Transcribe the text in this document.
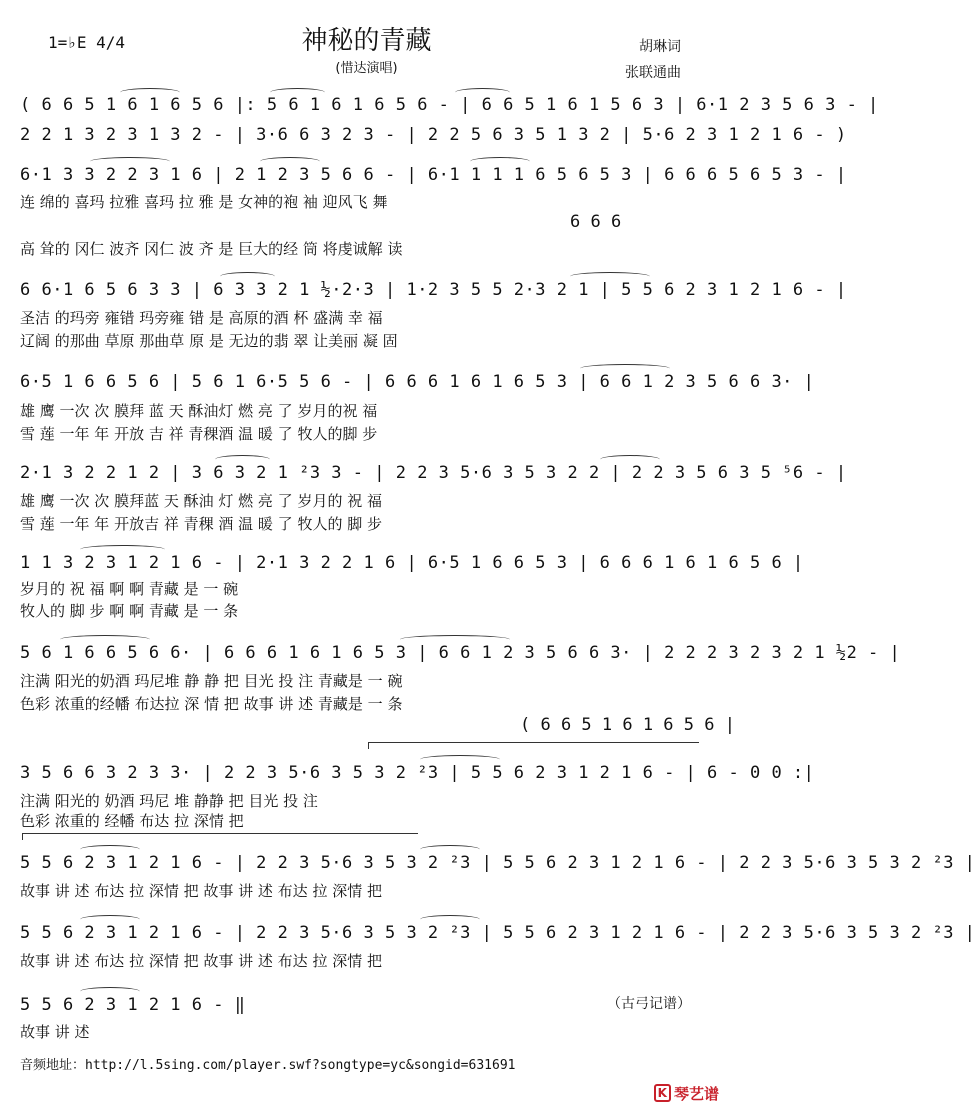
1=♭E 4/4	神秘的青藏
(惜达演唱)
胡琳词
张联通曲
( 6 6 5 1 6 1 6 5 6 |: 5 6 1 6 1 6 5 6 - | 6 6 5 1 6 1 5 6 3 | 6·1 2 3 5 6 3 - |
2 2 1 3 2 3 1 3 2 - | 3·6 6 3 2 3 - | 2 2 5 6 3 5 1 3 2 | 5·6 2 3 1 2 1 6 - )
6·1 3 3 2 2 3 1 6 | 2 1 2 3 5 6 6 - | 6·1 1 1 1 6 5 6 5 3 | 6 6 6 5 6 5 3 - |
连 绵的 喜玛 拉雅 喜玛 拉 雅 是 女神的袍 袖 迎风飞 舞
6 6 6
高 耸的 冈仁 波齐 冈仁 波 齐 是 巨大的经 筒 将虔诚解 读
6 6·1 6 5 6 3 3 | 6 3 3 2 1 ½·2·3 | 1·2 3 5 5 2·3 2 1 | 5 5 6 2 3 1 2 1 6 - |
圣洁 的玛旁 雍错 玛旁雍 错 是 高原的酒 杯 盛满 幸 福
辽阔 的那曲 草原 那曲草 原 是 无边的翡 翠 让美丽 凝 固
6·5 1 6 6 5 6 | 5 6 1 6·5 5 6 - | 6 6 6 1 6 1 6 5 3 | 6 6 1 2 3 5 6 6 3· |
雄 鹰 一次 次 膜拜 蓝 天 酥油灯 燃 亮 了 岁月的祝 福
雪 莲 一年 年 开放 吉 祥 青稞酒 温 暖 了 牧人的脚 步
2·1 3 2 2 1 2 | 3 6 3 2 1 ²3 3 - | 2 2 3 5·6 3 5 3 2 2 | 2 2 3 5 6 3 5 ⁵6 - |
雄 鹰 一次 次 膜拜蓝 天 酥油 灯 燃 亮 了 岁月的 祝 福
雪 莲 一年 年 开放吉 祥 青稞 酒 温 暖 了 牧人的 脚 步
1 1 3 2 3 1 2 1 6 - | 2·1 3 2 2 1 6 | 6·5 1 6 6 5 3 | 6 6 6 1 6 1 6 5 6 |
岁月的 祝 福 啊 啊 青藏 是 一 碗
牧人的 脚 步 啊 啊 青藏 是 一 条
5 6 1 6 6 5 6 6· | 6 6 6 1 6 1 6 5 3 | 6 6 1 2 3 5 6 6 3· | 2 2 2 3 2 3 2 1 ½2 - |
注满 阳光的奶酒 玛尼堆 静 静 把 目光 投 注 青藏是 一 碗
色彩 浓重的经幡 布达拉 深 情 把 故事 讲 述 青藏是 一 条
( 6 6 5 1 6 1 6 5 6 |
3 5 6 6 3 2 3 3· | 2 2 3 5·6 3 5 3 2 ²3 | 5 5 6 2 3 1 2 1 6 - | 6 - 0 0 :|
注满 阳光的 奶酒 玛尼 堆 静静 把 目光 投 注
色彩 浓重的 经幡 布达 拉 深情 把
5 5 6 2 3 1 2 1 6 - | 2 2 3 5·6 3 5 3 2 ²3 | 5 5 6 2 3 1 2 1 6 - | 2 2 3 5·6 3 5 3 2 ²3 |
故事 讲 述 布达 拉 深情 把 故事 讲 述 布达 拉 深情 把
5 5 6 2 3 1 2 1 6 - | 2 2 3 5·6 3 5 3 2 ²3 | 5 5 6 2 3 1 2 1 6 - | 2 2 3 5·6 3 5 3 2 ²3 |
故事 讲 述 布达 拉 深情 把 故事 讲 述 布达 拉 深情 把
5 5 6 2 3 1 2 1 6 - ‖
故事 讲 述
（古弓记谱）
音频地址：http://l.5sing.com/player.swf?songtype=yc&songid=631691

K 琴艺谱
